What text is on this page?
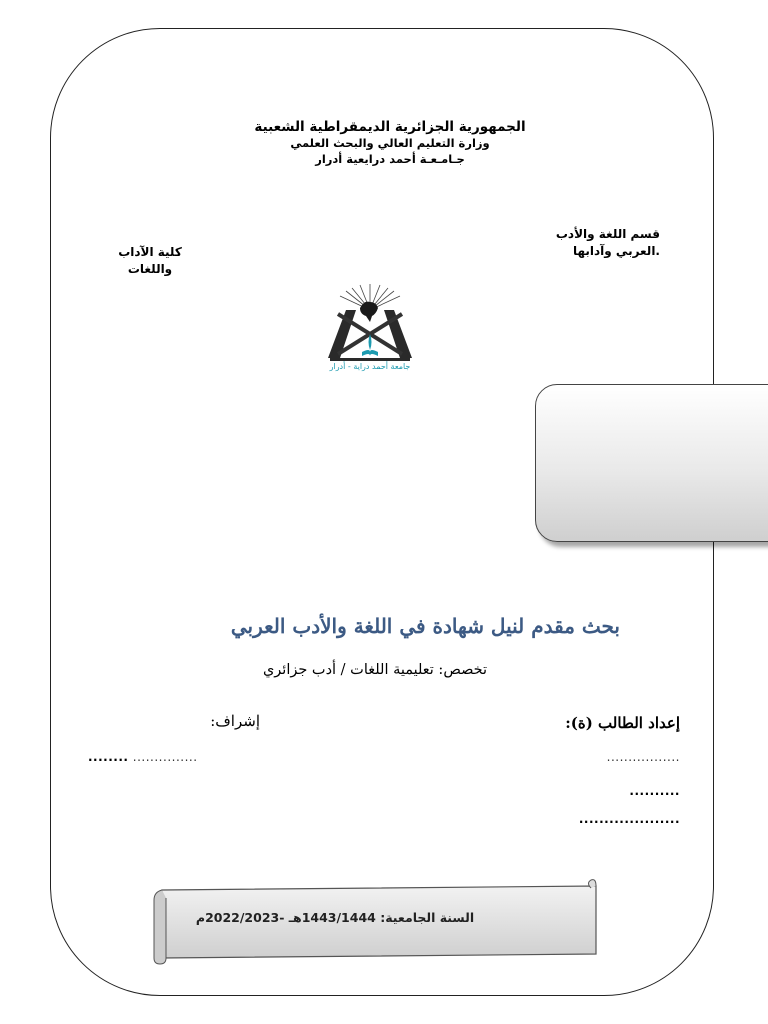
الجمهورية الجزائرية الديمقراطية الشعبية
وزارة التعليم العالي والبحث العلمي
جـامـعـة أحمد درايعية أدرار
قسم اللغة والأدب
.العربي وآدابها
كلية الآداب
واللغات
جامعة أحمد دراية - أدرار
بحث مقدم لنيل شهادة في اللغة والأدب العربي
تخصص: تعليمية اللغات / أدب جزائري
إعداد الطالب (ة):
إشراف:
.................
..........
....................
........ ...............
السنة الجامعية: 1443/1444هـ -2022/2023م
